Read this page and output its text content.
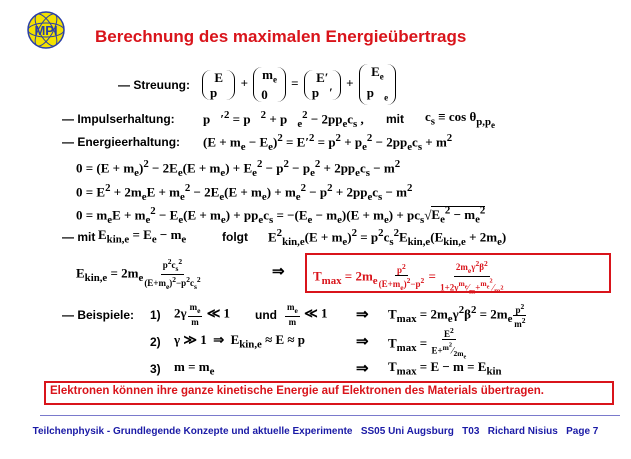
MPI Berechnung des maximalen Energieübertrags
— Streuung:
E
p⃗
+
$m_e$
0⃗
= E′
p⃗′
+
$E_e$
$p⃗_e$
— Impulserhaltung: $p⃗'^2$ = p⃗$^2$ + $p⃗_e^2 - 2pp_ec_s$ , mit $c_s \equiv \cos \theta_{p,p_e}$
— Energieerhaltung: $(E + m_e - E_e)^2 = E'^2 = p^2 + p_e^2 - 2pp_ec_s + m^2$
$0 = (E + m_e)^2 - 2E_e(E + m_e) + E_e^2 - p^2 - p_e^2 + 2pp_ec_s - m^2$
$0 = E^2 + 2m_eE + m_e^2 - 2E_e(E + m_e) + m_e^2 - p^2 + 2pp_ec_s - m^2$
$0 = m_eE + m_e^2 - E_e(E + m_e) + pp_ec_s = -(E_e - m_e)(E + m_e) + pc_s√E_e^2 - m_e^2$
— mit $E_{kin,e} = E_e - m_e$	folgt $E^2_{kin,e}(E + m_e)^2 = p^2c_s^2E_{kin,e}(E_{kin,e} + 2m_e)$
$E_{kin,e} = 2m_e \frac{p^2c_s^2}{(E+m_e)^2-p^2c_s^2}$	⇒ $T_{max} = 2m_e \frac{p^2}{(E+m_e)^2-p^2} = \frac{2m_e\gamma^2\beta^2}{1+2\gamma^{m_e}⁄_m+^{m_e^2}⁄_{m^2}}$
— Beispiele: 1) $2\gamma \frac{m_e}{m}$ ≪ 1 und $\frac{m_e}{m}$ ≪ 1 ⇒ $T_{max} = 2m_e\gamma^2\beta^2 = 2m_e \frac{p^2}{m^2}$
2) γ ≫ 1  ⇒  $E_{kin,e} \approx E \approx p$	⇒ $T_{max} = \frac{E^2}{E+^{m^2}⁄_{2m_e}}$
3) $m = m_e$	⇒ $T_{max} = E - m = E_{kin}$
Elektronen können ihre ganze kinetische Energie auf Elektronen des Materials übertragen.
Teilchenphysik - Grundlegende Konzepte und aktuelle Experimente SS05 Uni Augsburg T03 Richard Nisius Page 7
